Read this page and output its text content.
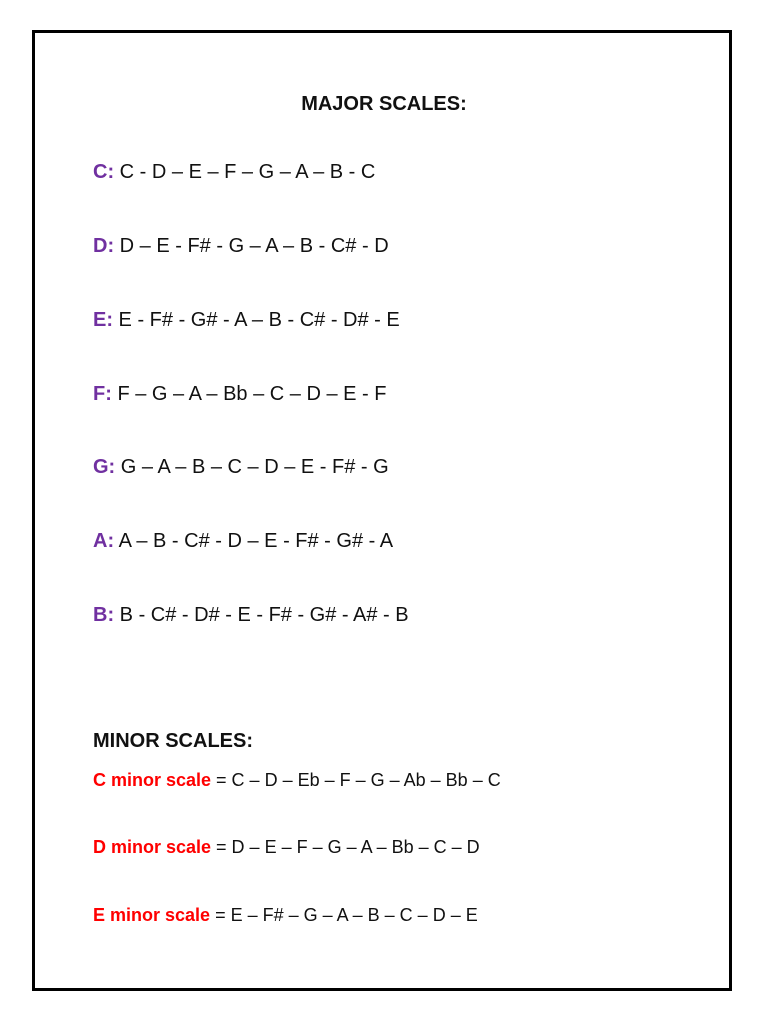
MAJOR SCALES:
C: C - D – E – F – G – A – B - C
D: D – E - F# - G – A – B - C# - D
E: E - F# - G# - A – B - C# - D# - E
F: F – G – A – Bb – C – D – E - F
G: G – A – B – C – D – E - F# - G
A: A – B - C# - D – E - F# - G# - A
B: B - C# - D# - E - F# - G# - A# - B
MINOR SCALES:
C minor scale = C – D – Eb – F – G – Ab – Bb – C
D minor scale = D – E – F – G – A – Bb – C – D
E minor scale = E – F# – G – A – B – C – D – E
